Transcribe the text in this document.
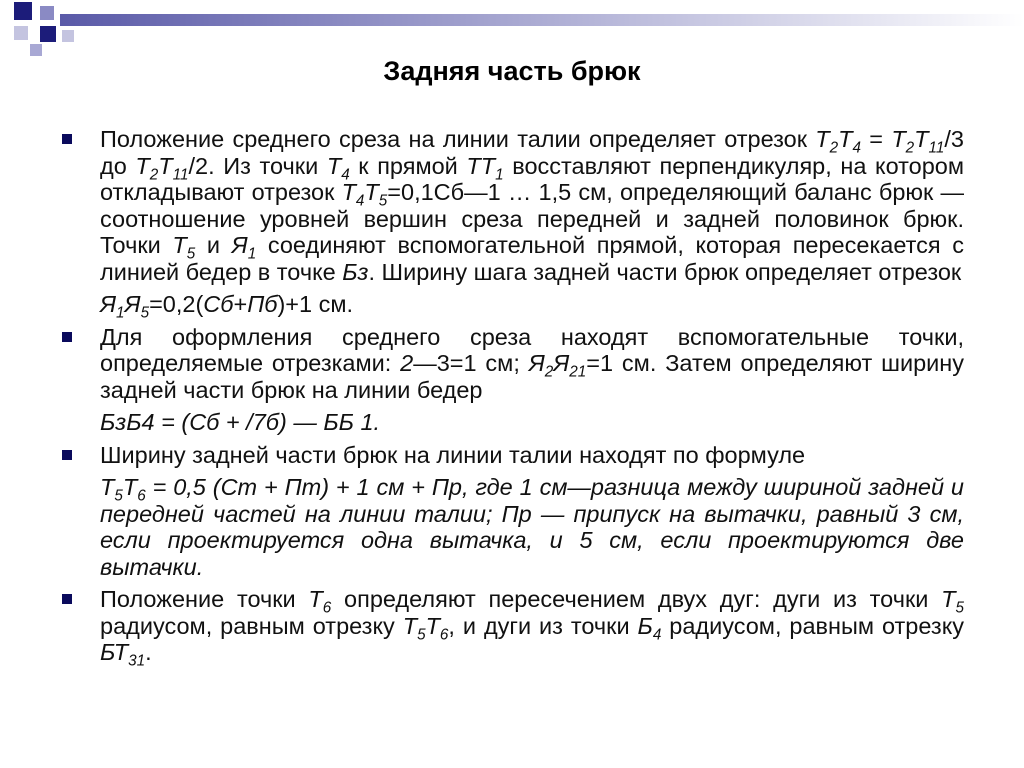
Задняя часть брюк
Положение среднего среза на линии талии определяет отрезок $T_2T_4 = T_2T_{11}/3$ до $T_2T_{11}/2$. Из точки $T_4$ к прямой $TT_1$ восставляют перпендикуляр, на котором откладывают отрезок $T_4T_5=0,1Сб—1$ … 1,5 см, определяющий баланс брюк — соотношение уровней вершин среза передней и задней половинок брюк. Точки $T_5$ и $Я_1$ соединяют вспомогательной прямой, которая пересекается с линией бедер в точке Бз. Ширину шага задней части брюк определяет отрезок
$Я_1Я_5=0,2(Сб+Пб)+1$ см.
Для оформления среднего среза находят вспомогательные точки, определяемые отрезками: 2—3=1 см; $Я_2Я_{21}=1$ см. Затем определяют ширину задней части брюк на линии бедер
БзБ4 = (Сб + /7б) — ББ 1.
Ширину задней части брюк на линии талии находят по формуле
$T_5T_6 = 0,5$ (Ст + Пт) + 1 см + Пр, где 1 см—разница между шириной задней и передней частей на линии талии; Пр — припуск на вытачки, равный 3 см, если проектируется одна вытачка, и 5 см, если проектируются две вытачки.
Положение точки $T_6$ определяют пересечением двух дуг: дуги из точки $T_5$ радиусом, равным отрезку $T_5T_6$, и дуги из точки $Б_4$ радиусом, равным отрезку $БТ_{31}$.
